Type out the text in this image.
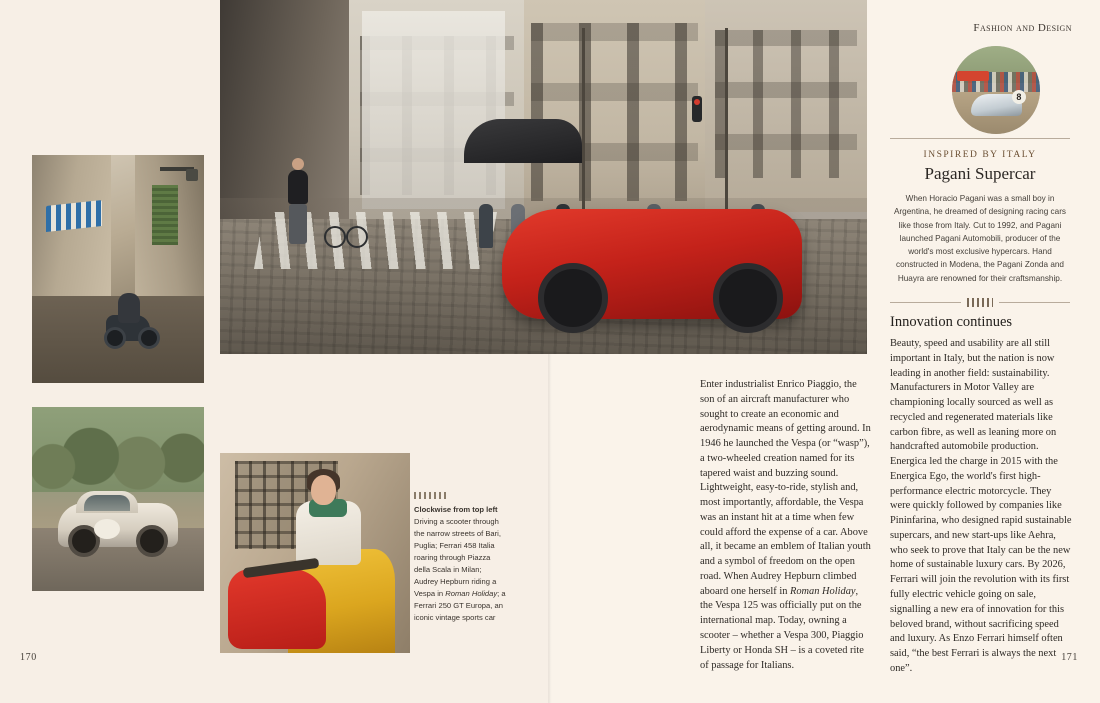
Fashion and Design
8
INSPIRED BY ITALY
Pagani Supercar

When Horacio Pagani was a small boy in Argentina, he dreamed of designing racing cars like those from Italy. Cut to 1992, and Pagani launched Pagani Automobili, producer of the world's most exclusive hypercars. Hand constructed in Modena, the Pagani Zonda and Huayra are renowned for their craftsmanship.

Innovation continues

Beauty, speed and usability are all still important in Italy, but the nation is now leading in another field: sustainability. Manufacturers in Motor Valley are championing locally sourced as well as recycled and regenerated materials like carbon fibre, as well as leaning more on handcrafted automobile production. Energica led the charge in 2015 with the Energica Ego, the world's first high-performance electric motorcycle. They were quickly followed by companies like Pininfarina, who designed rapid sustainable supercars, and new start-ups like Aehra, who seek to prove that Italy can be the new home of sustainable luxury cars. By 2026, Ferrari will join the revolution with its first fully electric vehicle going on sale, signalling a new era of innovation for this beloved brand, without sacrificing speed and luxury. As Enzo Ferrari himself often said, “the best Ferrari is always the next one”.

Enter industrialist Enrico Piaggio, the son of an aircraft manufacturer who sought to create an economic and aerodynamic means of getting around. In 1946 he launched the Vespa (or “wasp”), a two-wheeled creation named for its tapered waist and buzzing sound. Lightweight, easy-to-ride, stylish and, most importantly, affordable, the Vespa was an instant hit at a time when few could afford the expense of a car. Above all, it became an emblem of Italian youth and a symbol of freedom on the open road. When Audrey Hepburn climbed aboard one herself in Roman Holiday, the Vespa 125 was officially put on the international map. Today, owning a scooter – whether a Vespa 300, Piaggio Liberty or Honda SH – is a coveted rite of passage for Italians.

Clockwise from top left Driving a scooter through the narrow streets of Bari, Puglia; Ferrari 458 Italia roaring through Piazza della Scala in Milan; Audrey Hepburn riding a Vespa in Roman Holiday; a Ferrari 250 GT Europa, an iconic vintage sports car

170	171
